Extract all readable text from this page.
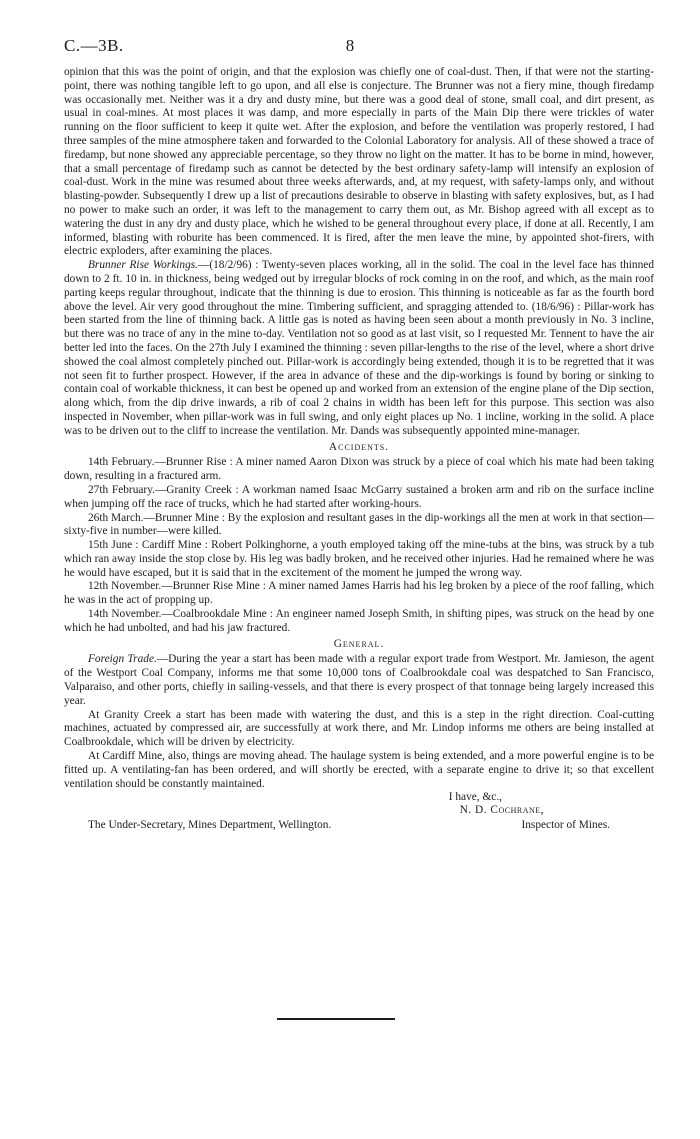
C.—3B.	8

opinion that this was the point of origin, and that the explosion was chiefly one of coal-dust. Then, if that were not the starting-point, there was nothing tangible left to go upon, and all else is conjecture. The Brunner was not a fiery mine, though firedamp was occasionally met. Neither was it a dry and dusty mine, but there was a good deal of stone, small coal, and dirt present, as usual in coal-mines. At most places it was damp, and more especially in parts of the Main Dip there were trickles of water running on the floor sufficient to keep it quite wet. After the explosion, and before the ventilation was properly restored, I had three samples of the mine atmosphere taken and forwarded to the Colonial Laboratory for analysis. All of these showed a trace of firedamp, but none showed any appreciable percentage, so they throw no light on the matter. It has to be borne in mind, however, that a small percentage of firedamp such as cannot be detected by the best ordinary safety-lamp will intensify an explosion of coal-dust. Work in the mine was resumed about three weeks afterwards, and, at my request, with safety-lamps only, and without blasting-powder. Subsequently I drew up a list of precautions desirable to observe in blasting with safety explosives, but, as I had no power to make such an order, it was left to the management to carry them out, as Mr. Bishop agreed with all except as to watering the dust in any dry and dusty place, which he wished to be general throughout every place, if done at all. Recently, I am informed, blasting with roburite has been commenced. It is fired, after the men leave the mine, by appointed shot-firers, with electric exploders, after examining the places.

Brunner Rise Workings.—(18/2/96) : Twenty-seven places working, all in the solid. The coal in the level face has thinned down to 2 ft. 10 in. in thickness, being wedged out by irregular blocks of rock coming in on the roof, and which, as the main roof parting keeps regular throughout, indicate that the thinning is due to erosion. This thinning is noticeable as far as the fourth bord above the level. Air very good throughout the mine. Timbering sufficient, and spragging attended to. (18/6/96) : Pillar-work has been started from the line of thinning back. A little gas is noted as having been seen about a month previously in No. 3 incline, but there was no trace of any in the mine to-day. Ventilation not so good as at last visit, so I requested Mr. Tennent to have the air better led into the faces. On the 27th July I examined the thinning : seven pillar-lengths to the rise of the level, where a short drive showed the coal almost completely pinched out. Pillar-work is accordingly being extended, though it is to be regretted that it was not seen fit to further prospect. However, if the area in advance of these and the dip-workings is found by boring or sinking to contain coal of workable thickness, it can best be opened up and worked from an extension of the engine plane of the Dip section, along which, from the dip drive inwards, a rib of coal 2 chains in width has been left for this purpose. This section was also inspected in November, when pillar-work was in full swing, and only eight places up No. 1 incline, working in the solid. A place was to be driven out to the cliff to increase the ventilation. Mr. Dands was subsequently appointed mine-manager.

Accidents.

14th February.—Brunner Rise : A miner named Aaron Dixon was struck by a piece of coal which his mate had been taking down, resulting in a fractured arm.

27th February.—Granity Creek : A workman named Isaac McGarry sustained a broken arm and rib on the surface incline when jumping off the race of trucks, which he had started after working-hours.

26th March.—Brunner Mine : By the explosion and resultant gases in the dip-workings all the men at work in that section—sixty-five in number—were killed.

15th June : Cardiff Mine : Robert Polkinghorne, a youth employed taking off the mine-tubs at the bins, was struck by a tub which ran away inside the stop close by. His leg was badly broken, and he received other injuries. Had he remained where he was he would have escaped, but it is said that in the excitement of the moment he jumped the wrong way.

12th November.—Brunner Rise Mine : A miner named James Harris had his leg broken by a piece of the roof falling, which he was in the act of propping up.

14th November.—Coalbrookdale Mine : An engineer named Joseph Smith, in shifting pipes, was struck on the head by one which he had unbolted, and had his jaw fractured.

General.

Foreign Trade.—During the year a start has been made with a regular export trade from Westport. Mr. Jamieson, the agent of the Westport Coal Company, informs me that some 10,000 tons of Coalbrookdale coal was despatched to San Francisco, Valparaiso, and other ports, chiefly in sailing-vessels, and that there is every prospect of that tonnage being largely increased this year.

At Granity Creek a start has been made with watering the dust, and this is a step in the right direction. Coal-cutting machines, actuated by compressed air, are successfully at work there, and Mr. Lindop informs me others are being installed at Coalbrookdale, which will be driven by electricity.

At Cardiff Mine, also, things are moving ahead. The haulage system is being extended, and a more powerful engine is to be fitted up. A ventilating-fan has been ordered, and will shortly be erected, with a separate engine to drive it; so that excellent ventilation should be constantly maintained.

I have, &c.,
N. D. Cochrane,
The Under-Secretary, Mines Department, Wellington.	Inspector of Mines.
